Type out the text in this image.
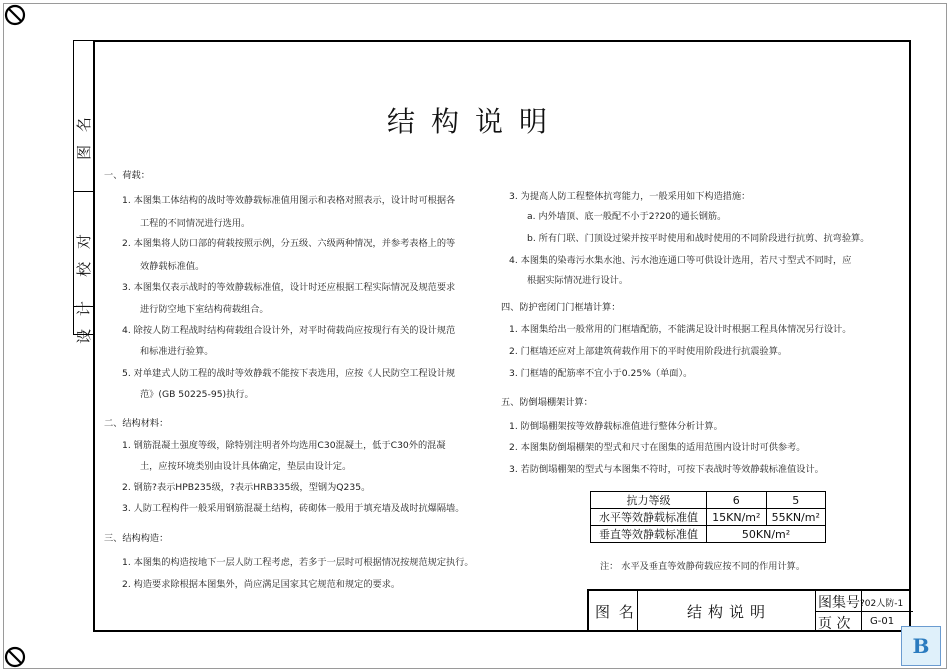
图 名
校 对
设 计
结构说明
一、荷载：
1. 本图集工体结构的战时等效静载标准值用图示和表格对照表示，设计时可根据各
工程的不同情况进行选用。
2. 本图集将人防口部的荷载按照示例，分五级、六级两种情况，并参考表格上的等
效静载标准值。
3. 本图集仅表示战时的等效静载标准值，设计时还应根据工程实际情况及规范要求
进行防空地下室结构荷载组合。
4. 除按人防工程战时结构荷载组合设计外，对平时荷载尚应按现行有关的设计规范
和标准进行验算。
5. 对单建式人防工程的战时等效静载不能按下表选用，应按《人民防空工程设计规
范》(GB 50225-95)执行。
二、结构材料：
1. 钢筋混凝土强度等级，除特别注明者外均选用C30混凝土，低于C30外的混凝
土，应按环境类别由设计具体确定，垫层由设计定。
2. 钢筋?表示HPB235级，?表示HRB335级，型钢为Q235。
3. 人防工程构件一般采用钢筋混凝土结构，砖砌体一般用于填充墙及战时抗爆隔墙。
三、结构构造：
1. 本图集的构造按地下一层人防工程考虑，若多于一层时可根据情况按规范规定执行。
2. 构造要求除根据本图集外，尚应满足国家其它规范和规定的要求。
3. 为提高人防工程整体抗弯能力，一般采用如下构造措施：
a. 内外墙顶、底一般配不小于2?20的通长钢筋。
b. 所有门联、门顶设过梁并按平时使用和战时使用的不同阶段进行抗剪、抗弯验算。
4. 本图集的染毒污水集水池、污水池连通口等可供设计选用，若尺寸型式不同时，应
根据实际情况进行设计。
四、防护密闭门门框墙计算：
1. 本图集给出一般常用的门框墙配筋，不能满足设计时根据工程具体情况另行设计。
2. 门框墙还应对上部建筑荷载作用下的平时使用阶段进行抗震验算。
3. 门框墙的配筋率不宜小于0.25%（单面）。
五、防倒塌棚架计算：
1. 防倒塌棚架按等效静载标准值进行整体分析计算。
2. 本图集防倒塌棚架的型式和尺寸在图集的适用范围内设计时可供参考。
3. 若防倒塌棚架的型式与本图集不符时，可按下表战时等效静载标准值设计。
抗力等级	6	5
水平等效静载标准值	15KN/m²	55KN/m²
垂直等效静载标准值	50KN/m²	
注： 水平及垂直等效静荷载应按不同的作用计算。
图 名	结构说明	图集号 ?02人防-1
页 次 G-01
B
